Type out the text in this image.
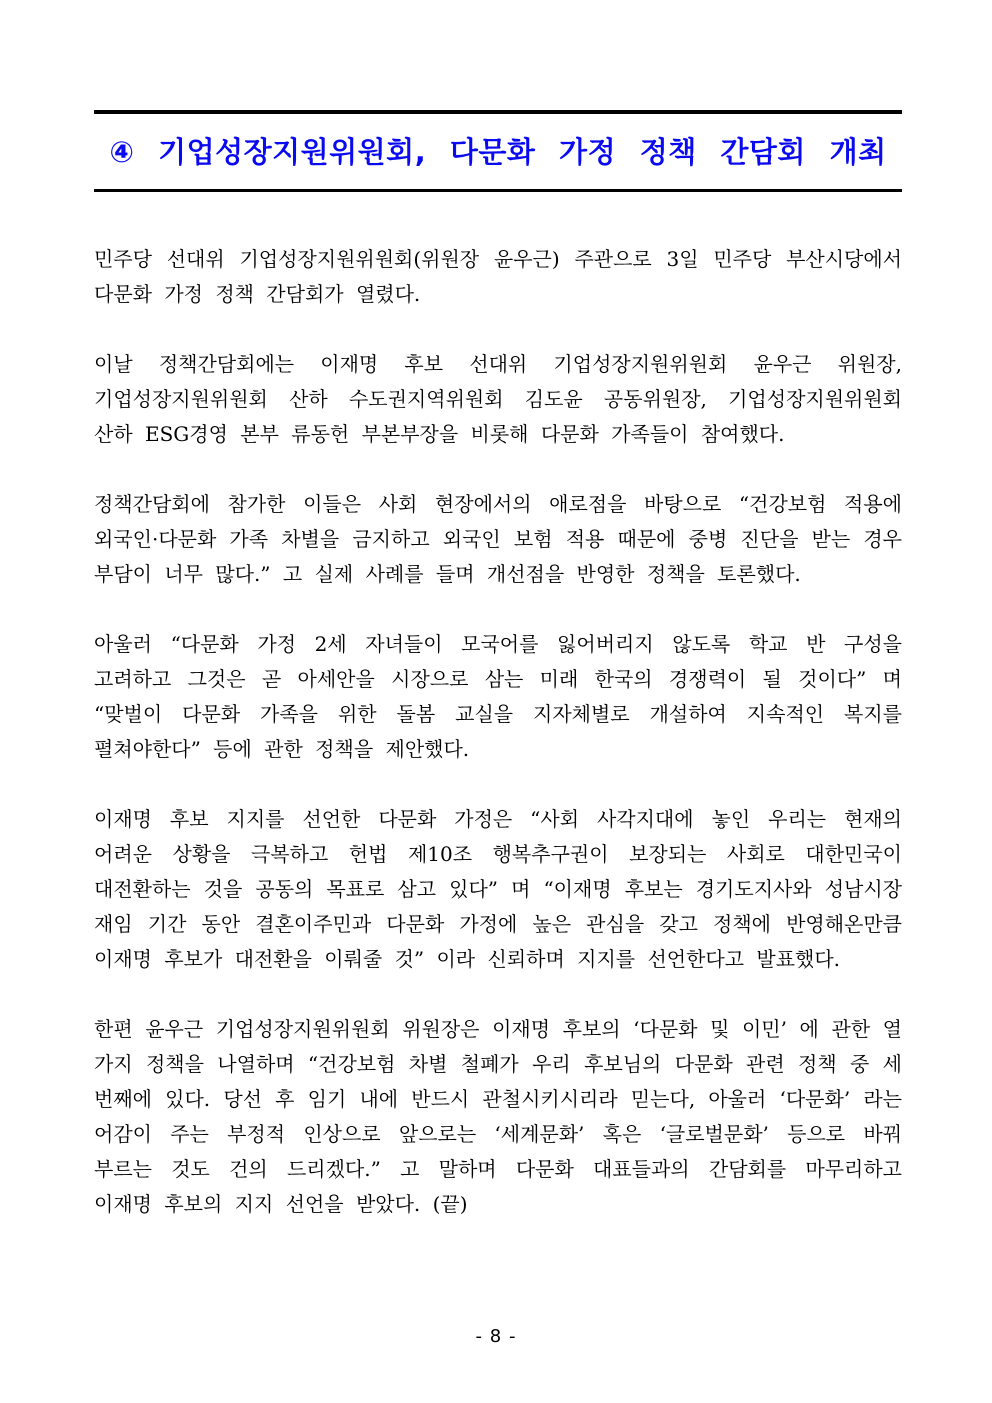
④ 기업성장지원위원회, 다문화 가정 정책 간담회 개최

민주당 선대위 기업성장지원위원회(위원장 윤우근) 주관으로 3일 민주당 부산시당에서 다문화 가정 정책 간담회가 열렸다.

이날 정책간담회에는 이재명 후보 선대위 기업성장지원위원회 윤우근 위원장, 기업성장지원위원회 산하 수도권지역위원회 김도윤 공동위원장, 기업성장지원위원회 산하 ESG경영 본부 류동헌 부본부장을 비롯해 다문화 가족들이 참여했다.

정책간담회에 참가한 이들은 사회 현장에서의 애로점을 바탕으로 “건강보험 적용에 외국인·다문화 가족 차별을 금지하고 외국인 보험 적용 때문에 중병 진단을 받는 경우 부담이 너무 많다.” 고 실제 사례를 들며 개선점을 반영한 정책을 토론했다.

아울러 “다문화 가정 2세 자녀들이 모국어를 잃어버리지 않도록 학교 반 구성을 고려하고 그것은 곧 아세안을 시장으로 삼는 미래 한국의 경쟁력이 될 것이다” 며 “맞벌이 다문화 가족을 위한 돌봄 교실을 지자체별로 개설하여 지속적인 복지를 펼쳐야한다” 등에 관한 정책을 제안했다.

이재명 후보 지지를 선언한 다문화 가정은 “사회 사각지대에 놓인 우리는 현재의 어려운 상황을 극복하고 헌법 제10조 행복추구권이 보장되는 사회로 대한민국이 대전환하는 것을 공동의 목표로 삼고 있다” 며 “이재명 후보는 경기도지사와 성남시장 재임 기간 동안 결혼이주민과 다문화 가정에 높은 관심을 갖고 정책에 반영해온만큼 이재명 후보가 대전환을 이뤄줄 것” 이라 신뢰하며 지지를 선언한다고 발표했다.

한편 윤우근 기업성장지원위원회 위원장은 이재명 후보의 ‘다문화 및 이민’ 에 관한 열 가지 정책을 나열하며 “건강보험 차별 철폐가 우리 후보님의 다문화 관련 정책 중 세 번째에 있다. 당선 후 임기 내에 반드시 관철시키시리라 믿는다, 아울러 ‘다문화’ 라는 어감이 주는 부정적 인상으로 앞으로는 ‘세계문화’ 혹은 ‘글로벌문화’ 등으로 바꿔 부르는 것도 건의 드리겠다.” 고 말하며 다문화 대표들과의 간담회를 마무리하고 이재명 후보의 지지 선언을 받았다. (끝)

- 8 -
